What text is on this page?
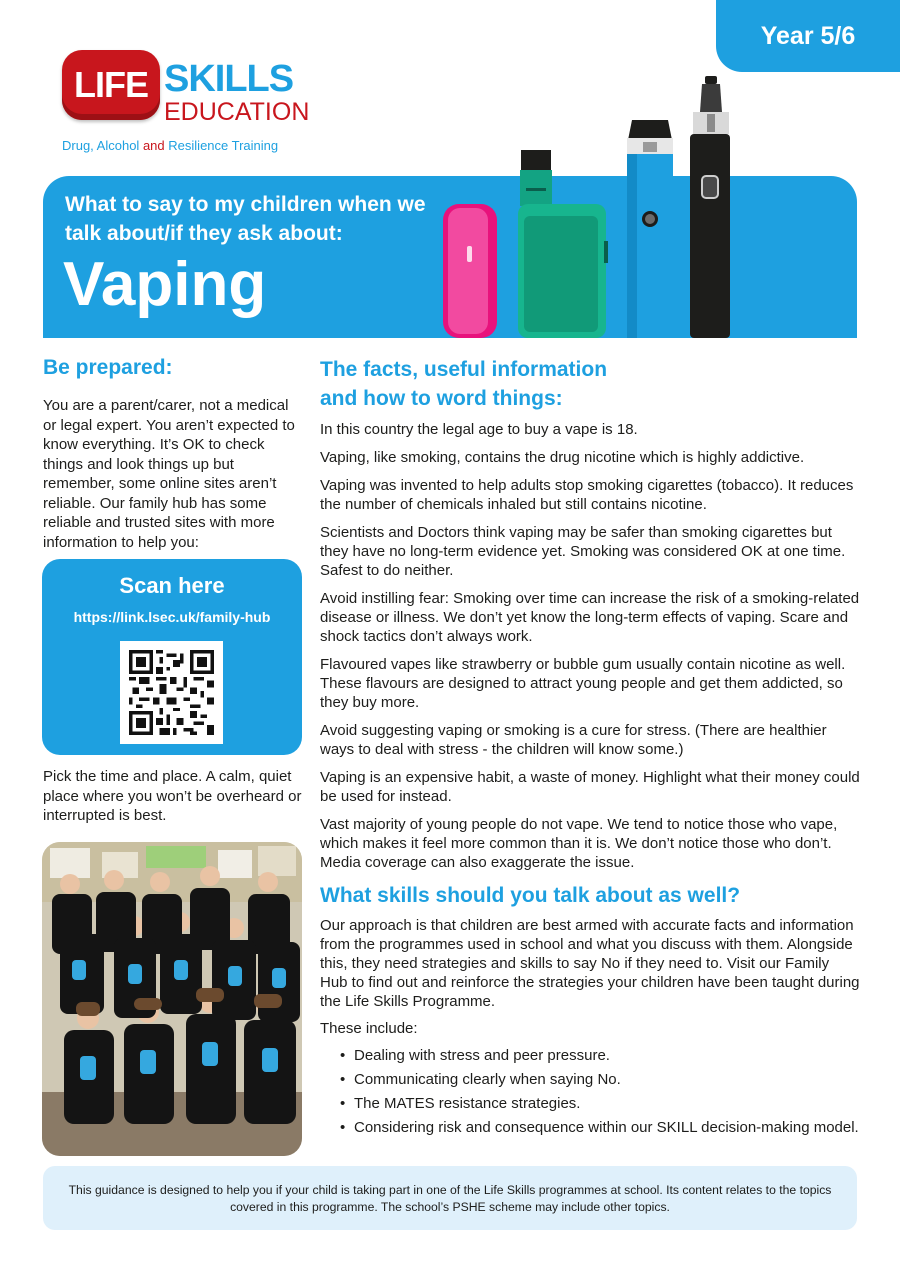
Year 5/6
LIFE SKILLS
EDUCATION
Drug, Alcohol and Resilience Training
What to say to my children when we talk about/if they ask about:
Vaping
Be prepared:

You are a parent/carer, not a medical or legal expert. You aren’t expected to know everything. It’s OK to check things and look things up but remember, some online sites aren’t reliable. Our family hub has some reliable and trusted sites with more information to help you:

Scan here
https://link.lsec.uk/family-hub

Pick the time and place. A calm, quiet place where you won’t be overheard or interrupted is best.

The facts, useful information
and how to word things:

In this country the legal age to buy a vape is 18.

Vaping, like smoking, contains the drug nicotine which is highly addictive.

Vaping was invented to help adults stop smoking cigarettes (tobacco). It reduces the number of chemicals inhaled but still contains nicotine.

Scientists and Doctors think vaping may be safer than smoking cigarettes but they have no long-term evidence yet. Smoking was considered OK at one time. Safest to do neither.

Avoid instilling fear: Smoking over time can increase the risk of a smoking-related disease or illness. We don’t yet know the long-term effects of vaping. Scare and shock tactics don’t always work.

Flavoured vapes like strawberry or bubble gum usually contain nicotine as well. These flavours are designed to attract young people and get them addicted, so they buy more.

Avoid suggesting vaping or smoking is a cure for stress. (There are healthier ways to deal with stress - the children will know some.)

Vaping is an expensive habit, a waste of money. Highlight what their money could be used for instead.

Vast majority of young people do not vape. We tend to notice those who vape, which makes it feel more common than it is. We don’t notice those who don’t. Media coverage can also exaggerate the issue.

What skills should you talk about as well?

Our approach is that children are best armed with accurate facts and information from the programmes used in school and what you discuss with them. Alongside this, they need strategies and skills to say No if they need to. Visit our Family Hub to find out and reinforce the strategies your children have been taught during the Life Skills Programme.

These include:

• Dealing with stress and peer pressure.
• Communicating clearly when saying No.
• The MATES resistance strategies.
• Considering risk and consequence within our SKILL decision-making model.
This guidance is designed to help you if your child is taking part in one of the Life Skills programmes at school. Its content relates to the topics covered in this programme. The school’s PSHE scheme may include other topics.
